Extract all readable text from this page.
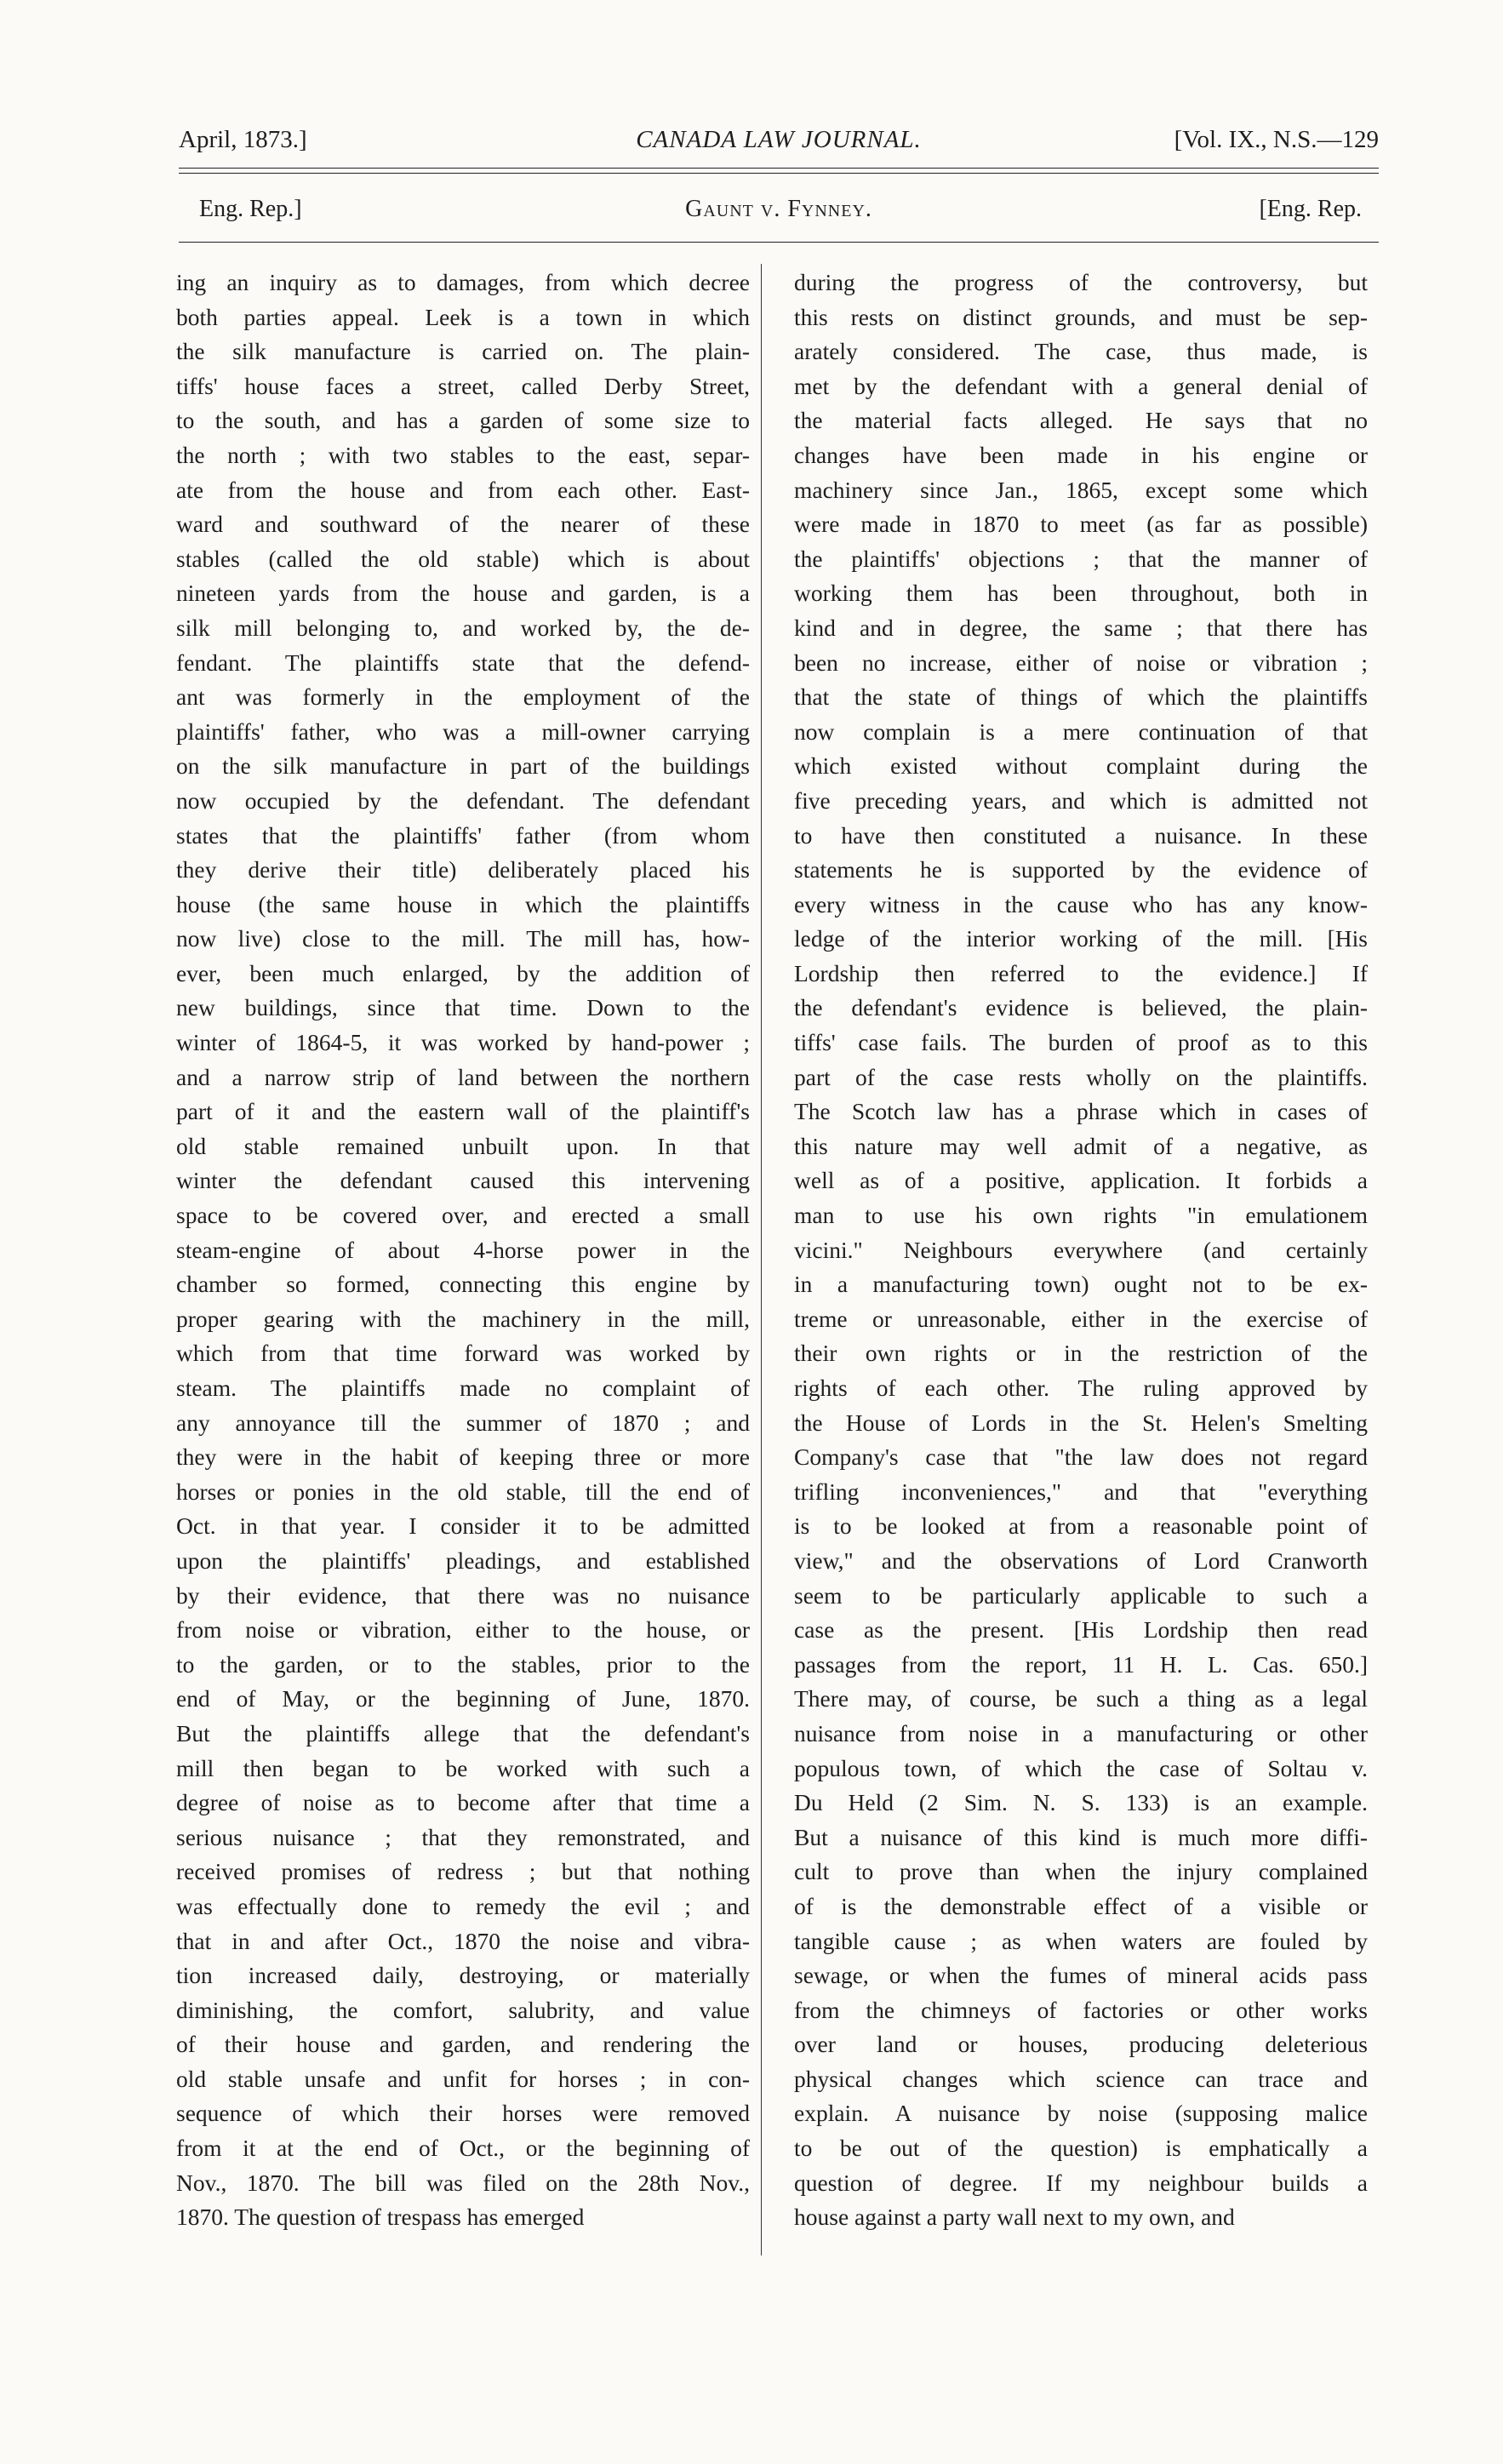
April, 1873.]	CANADA LAW JOURNAL.	[Vol. IX., N.S.—129
Eng. Rep.]	Gaunt v. Fynney.	[Eng. Rep.
ing an inquiry as to damages, from which decree
both parties appeal. Leek is a town in which
the silk manufacture is carried on. The plain-
tiffs' house faces a street, called Derby Street,
to the south, and has a garden of some size to
the north ; with two stables to the east, separ-
ate from the house and from each other. East-
ward and southward of the nearer of these
stables (called the old stable) which is about
nineteen yards from the house and garden, is a
silk mill belonging to, and worked by, the de-
fendant. The plaintiffs state that the defend-
ant was formerly in the employment of the
plaintiffs' father, who was a mill-owner carrying
on the silk manufacture in part of the buildings
now occupied by the defendant. The defendant
states that the plaintiffs' father (from whom
they derive their title) deliberately placed his
house (the same house in which the plaintiffs
now live) close to the mill. The mill has, how-
ever, been much enlarged, by the addition of
new buildings, since that time. Down to the
winter of 1864-5, it was worked by hand-power ;
and a narrow strip of land between the northern
part of it and the eastern wall of the plaintiff's
old stable remained unbuilt upon. In that
winter the defendant caused this intervening
space to be covered over, and erected a small
steam-engine of about 4-horse power in the
chamber so formed, connecting this engine by
proper gearing with the machinery in the mill,
which from that time forward was worked by
steam. The plaintiffs made no complaint of
any annoyance till the summer of 1870 ; and
they were in the habit of keeping three or more
horses or ponies in the old stable, till the end of
Oct. in that year. I consider it to be admitted
upon the plaintiffs' pleadings, and established
by their evidence, that there was no nuisance
from noise or vibration, either to the house, or
to the garden, or to the stables, prior to the
end of May, or the beginning of June, 1870.
But the plaintiffs allege that the defendant's
mill then began to be worked with such a
degree of noise as to become after that time a
serious nuisance ; that they remonstrated, and
received promises of redress ; but that nothing
was effectually done to remedy the evil ; and
that in and after Oct., 1870 the noise and vibra-
tion increased daily, destroying, or materially
diminishing, the comfort, salubrity, and value
of their house and garden, and rendering the
old stable unsafe and unfit for horses ; in con-
sequence of which their horses were removed
from it at the end of Oct., or the beginning of
Nov., 1870. The bill was filed on the 28th Nov.,
1870. The question of trespass has emerged
during the progress of the controversy, but
this rests on distinct grounds, and must be sep-
arately considered. The case, thus made, is
met by the defendant with a general denial of
the material facts alleged. He says that no
changes have been made in his engine or
machinery since Jan., 1865, except some which
were made in 1870 to meet (as far as possible)
the plaintiffs' objections ; that the manner of
working them has been throughout, both in
kind and in degree, the same ; that there has
been no increase, either of noise or vibration ;
that the state of things of which the plaintiffs
now complain is a mere continuation of that
which existed without complaint during the
five preceding years, and which is admitted not
to have then constituted a nuisance. In these
statements he is supported by the evidence of
every witness in the cause who has any know-
ledge of the interior working of the mill. [His
Lordship then referred to the evidence.] If
the defendant's evidence is believed, the plain-
tiffs' case fails. The burden of proof as to this
part of the case rests wholly on the plaintiffs.
The Scotch law has a phrase which in cases of
this nature may well admit of a negative, as
well as of a positive, application. It forbids a
man to use his own rights "in emulationem
vicini." Neighbours everywhere (and certainly
in a manufacturing town) ought not to be ex-
treme or unreasonable, either in the exercise of
their own rights or in the restriction of the
rights of each other. The ruling approved by
the House of Lords in the St. Helen's Smelting
Company's case that "the law does not regard
trifling inconveniences," and that "everything
is to be looked at from a reasonable point of
view," and the observations of Lord Cranworth
seem to be particularly applicable to such a
case as the present. [His Lordship then read
passages from the report, 11 H. L. Cas. 650.]
There may, of course, be such a thing as a legal
nuisance from noise in a manufacturing or other
populous town, of which the case of Soltau v.
Du Held (2 Sim. N. S. 133) is an example.
But a nuisance of this kind is much more diffi-
cult to prove than when the injury complained
of is the demonstrable effect of a visible or
tangible cause ; as when waters are fouled by
sewage, or when the fumes of mineral acids pass
from the chimneys of factories or other works
over land or houses, producing deleterious
physical changes which science can trace and
explain. A nuisance by noise (supposing malice
to be out of the question) is emphatically a
question of degree. If my neighbour builds a
house against a party wall next to my own, and
